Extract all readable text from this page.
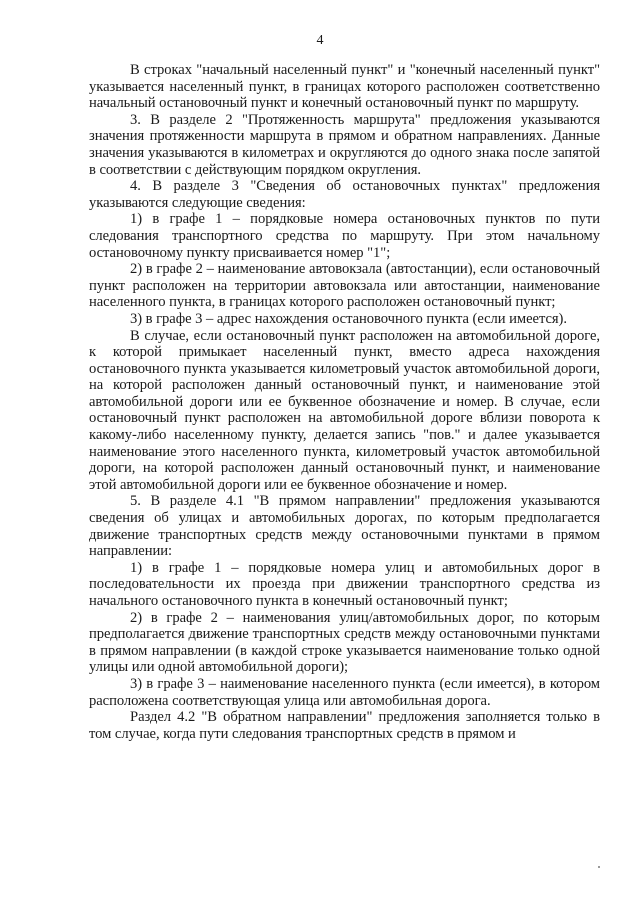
4

В строках "начальный населенный пункт" и "конечный населенный пункт" указывается населенный пункт, в границах которого расположен соответственно начальный остановочный пункт и конечный остановочный пункт по маршруту.

3. В разделе 2 "Протяженность маршрута" предложения указываются значения протяженности маршрута в прямом и обратном направлениях. Данные значения указываются в километрах и округляются до одного знака после запятой в соответствии с действующим порядком округления.

4. В разделе 3 "Сведения об остановочных пунктах" предложения указываются следующие сведения:

1) в графе 1 – порядковые номера остановочных пунктов по пути следования транспортного средства по маршруту. При этом начальному остановочному пункту присваивается номер "1";

2) в графе 2 – наименование автовокзала (автостанции), если остановочный пункт расположен на территории автовокзала или автостанции, наименование населенного пункта, в границах которого расположен остановочный пункт;

3) в графе 3 – адрес нахождения остановочного пункта (если имеется).

В случае, если остановочный пункт расположен на автомобильной дороге, к которой примыкает населенный пункт, вместо адреса нахождения остановочного пункта указывается километровый участок автомобильной дороги, на которой расположен данный остановочный пункт, и наименование этой автомобильной дороги или ее буквенное обозначение и номер. В случае, если остановочный пункт расположен на автомобильной дороге вблизи поворота к какому-либо населенному пункту, делается запись "пов." и далее указывается наименование этого населенного пункта, километровый участок автомобильной дороги, на которой расположен данный остановочный пункт, и наименование этой автомобильной дороги или ее буквенное обозначение и номер.

5. В разделе 4.1 "В прямом направлении" предложения указываются сведения об улицах и автомобильных дорогах, по которым предполагается движение транспортных средств между остановочными пунктами в прямом направлении:

1) в графе 1 – порядковые номера улиц и автомобильных дорог в последовательности их проезда при движении транспортного средства из начального остановочного пункта в конечный остановочный пункт;

2) в графе 2 – наименования улиц/автомобильных дорог, по которым предполагается движение транспортных средств между остановочными пунктами в прямом направлении (в каждой строке указывается наименование только одной улицы или одной автомобильной дороги);

3) в графе 3 – наименование населенного пункта (если имеется), в котором расположена соответствующая улица или автомобильная дорога.

Раздел 4.2 "В обратном направлении" предложения заполняется только в том случае, когда пути следования транспортных средств в прямом и
